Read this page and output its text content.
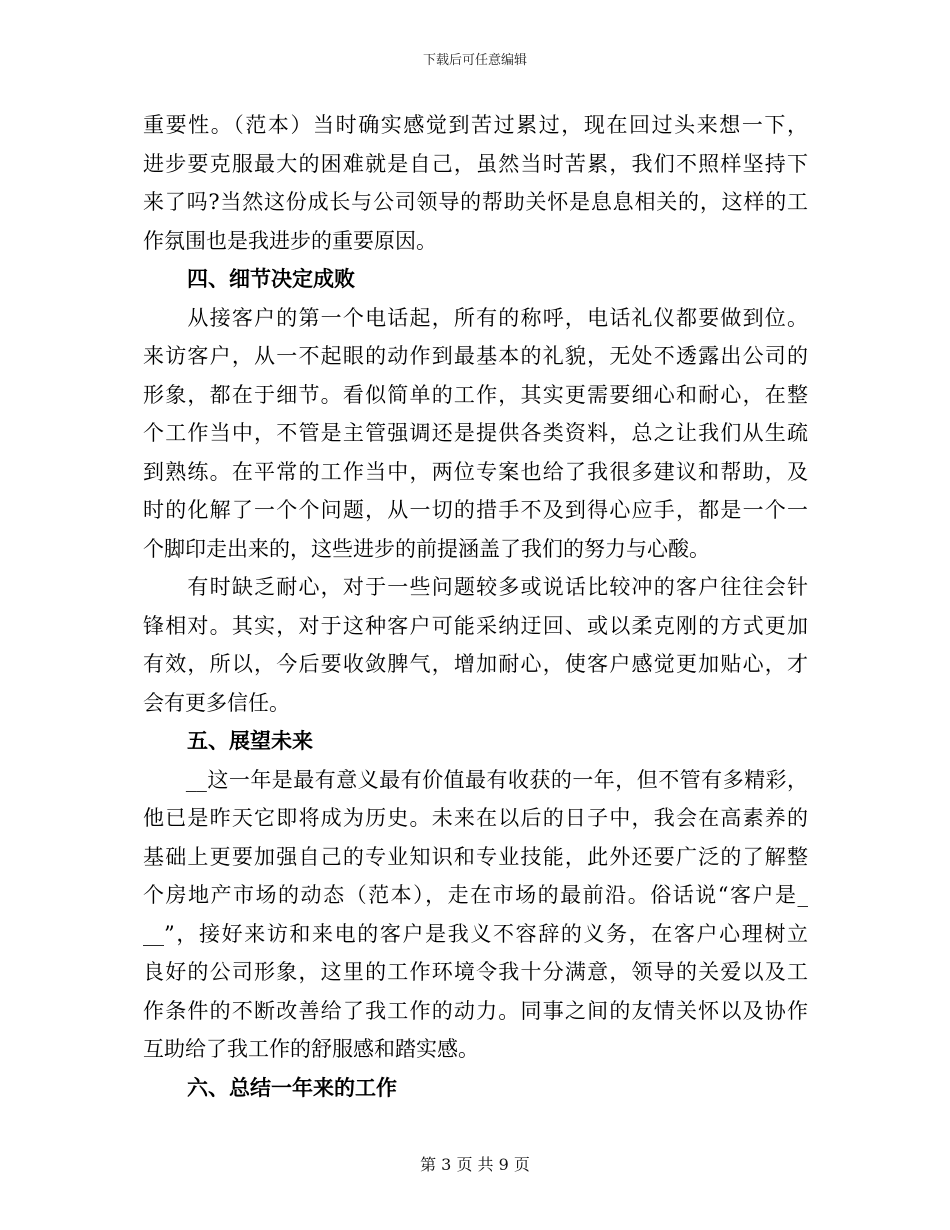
下载后可任意编辑
重要性。（范本）当时确实感觉到苦过累过，现在回过头来想一下，
进步要克服最大的困难就是自己，虽然当时苦累，我们不照样坚持下
来了吗?当然这份成长与公司领导的帮助关怀是息息相关的，这样的工
作氛围也是我进步的重要原因。
四、细节决定成败
　　从接客户的第一个电话起，所有的称呼，电话礼仪都要做到位。
来访客户，从一不起眼的动作到最基本的礼貌，无处不透露出公司的
形象，都在于细节。看似简单的工作，其实更需要细心和耐心，在整
个工作当中，不管是主管强调还是提供各类资料，总之让我们从生疏
到熟练。在平常的工作当中，两位专案也给了我很多建议和帮助，及
时的化解了一个个问题，从一切的措手不及到得心应手，都是一个一
个脚印走出来的，这些进步的前提涵盖了我们的努力与心酸。
　　有时缺乏耐心，对于一些问题较多或说话比较冲的客户往往会针
锋相对。其实，对于这种客户可能采纳迂回、或以柔克刚的方式更加
有效，所以，今后要收敛脾气，增加耐心，使客户感觉更加贴心，才
会有更多信任。
五、展望未来
　　__这一年是最有意义最有价值最有收获的一年，但不管有多精彩，
他已是昨天它即将成为历史。未来在以后的日子中，我会在高素养的
基础上更要加强自己的专业知识和专业技能，此外还要广泛的了解整
个房地产市场的动态（范本），走在市场的最前沿。俗话说“客户是_
__”，接好来访和来电的客户是我义不容辞的义务，在客户心理树立
良好的公司形象，这里的工作环境令我十分满意，领导的关爱以及工
作条件的不断改善给了我工作的动力。同事之间的友情关怀以及协作
互助给了我工作的舒服感和踏实感。
六、总结一年来的工作
第 3 页 共 9 页
